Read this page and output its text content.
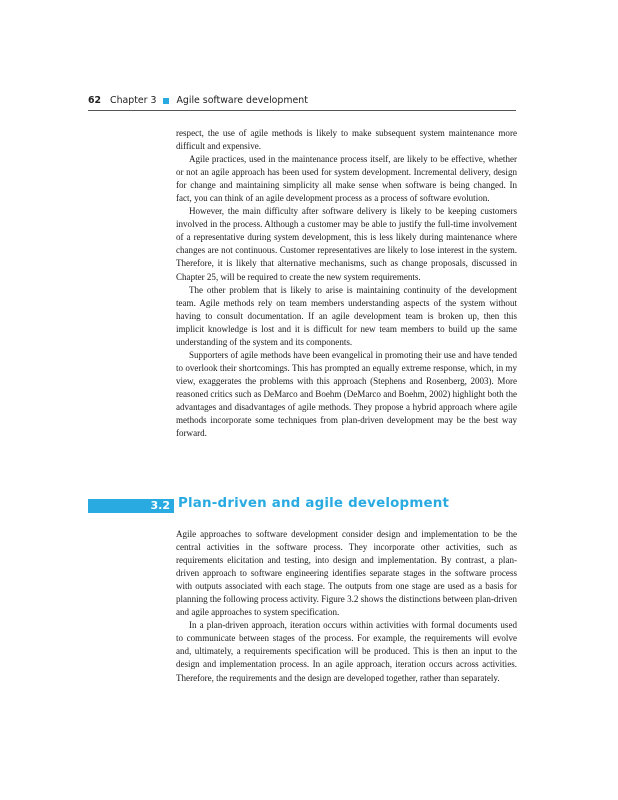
62 Chapter 3 Agile software development

respect, the use of agile methods is likely to make subsequent system maintenance more difficult and expensive.

Agile practices, used in the maintenance process itself, are likely to be effective, whether or not an agile approach has been used for system development. Incremental delivery, design for change and maintaining simplicity all make sense when software is being changed. In fact, you can think of an agile development process as a process of software evolution.

However, the main difficulty after software delivery is likely to be keeping customers involved in the process. Although a customer may be able to justify the full-time involvement of a representative during system development, this is less likely during maintenance where changes are not continuous. Customer representatives are likely to lose interest in the system. Therefore, it is likely that alternative mechanisms, such as change proposals, discussed in Chapter 25, will be required to create the new system requirements.

The other problem that is likely to arise is maintaining continuity of the development team. Agile methods rely on team members understanding aspects of the system without having to consult documentation. If an agile development team is broken up, then this implicit knowledge is lost and it is difficult for new team members to build up the same understanding of the system and its components.

Supporters of agile methods have been evangelical in promoting their use and have tended to overlook their shortcomings. This has prompted an equally extreme response, which, in my view, exaggerates the problems with this approach (Stephens and Rosenberg, 2003). More reasoned critics such as DeMarco and Boehm (DeMarco and Boehm, 2002) highlight both the advantages and disadvantages of agile methods. They propose a hybrid approach where agile methods incorporate some techniques from plan-driven development may be the best way forward.

3.2 Plan-driven and agile development

Agile approaches to software development consider design and implementation to be the central activities in the software process. They incorporate other activities, such as requirements elicitation and testing, into design and implementation. By contrast, a plan-driven approach to software engineering identifies separate stages in the software process with outputs associated with each stage. The outputs from one stage are used as a basis for planning the following process activity. Figure 3.2 shows the distinctions between plan-driven and agile approaches to system specification.

In a plan-driven approach, iteration occurs within activities with formal documents used to communicate between stages of the process. For example, the requirements will evolve and, ultimately, a requirements specification will be produced. This is then an input to the design and implementation process. In an agile approach, iteration occurs across activities. Therefore, the requirements and the design are developed together, rather than separately.
